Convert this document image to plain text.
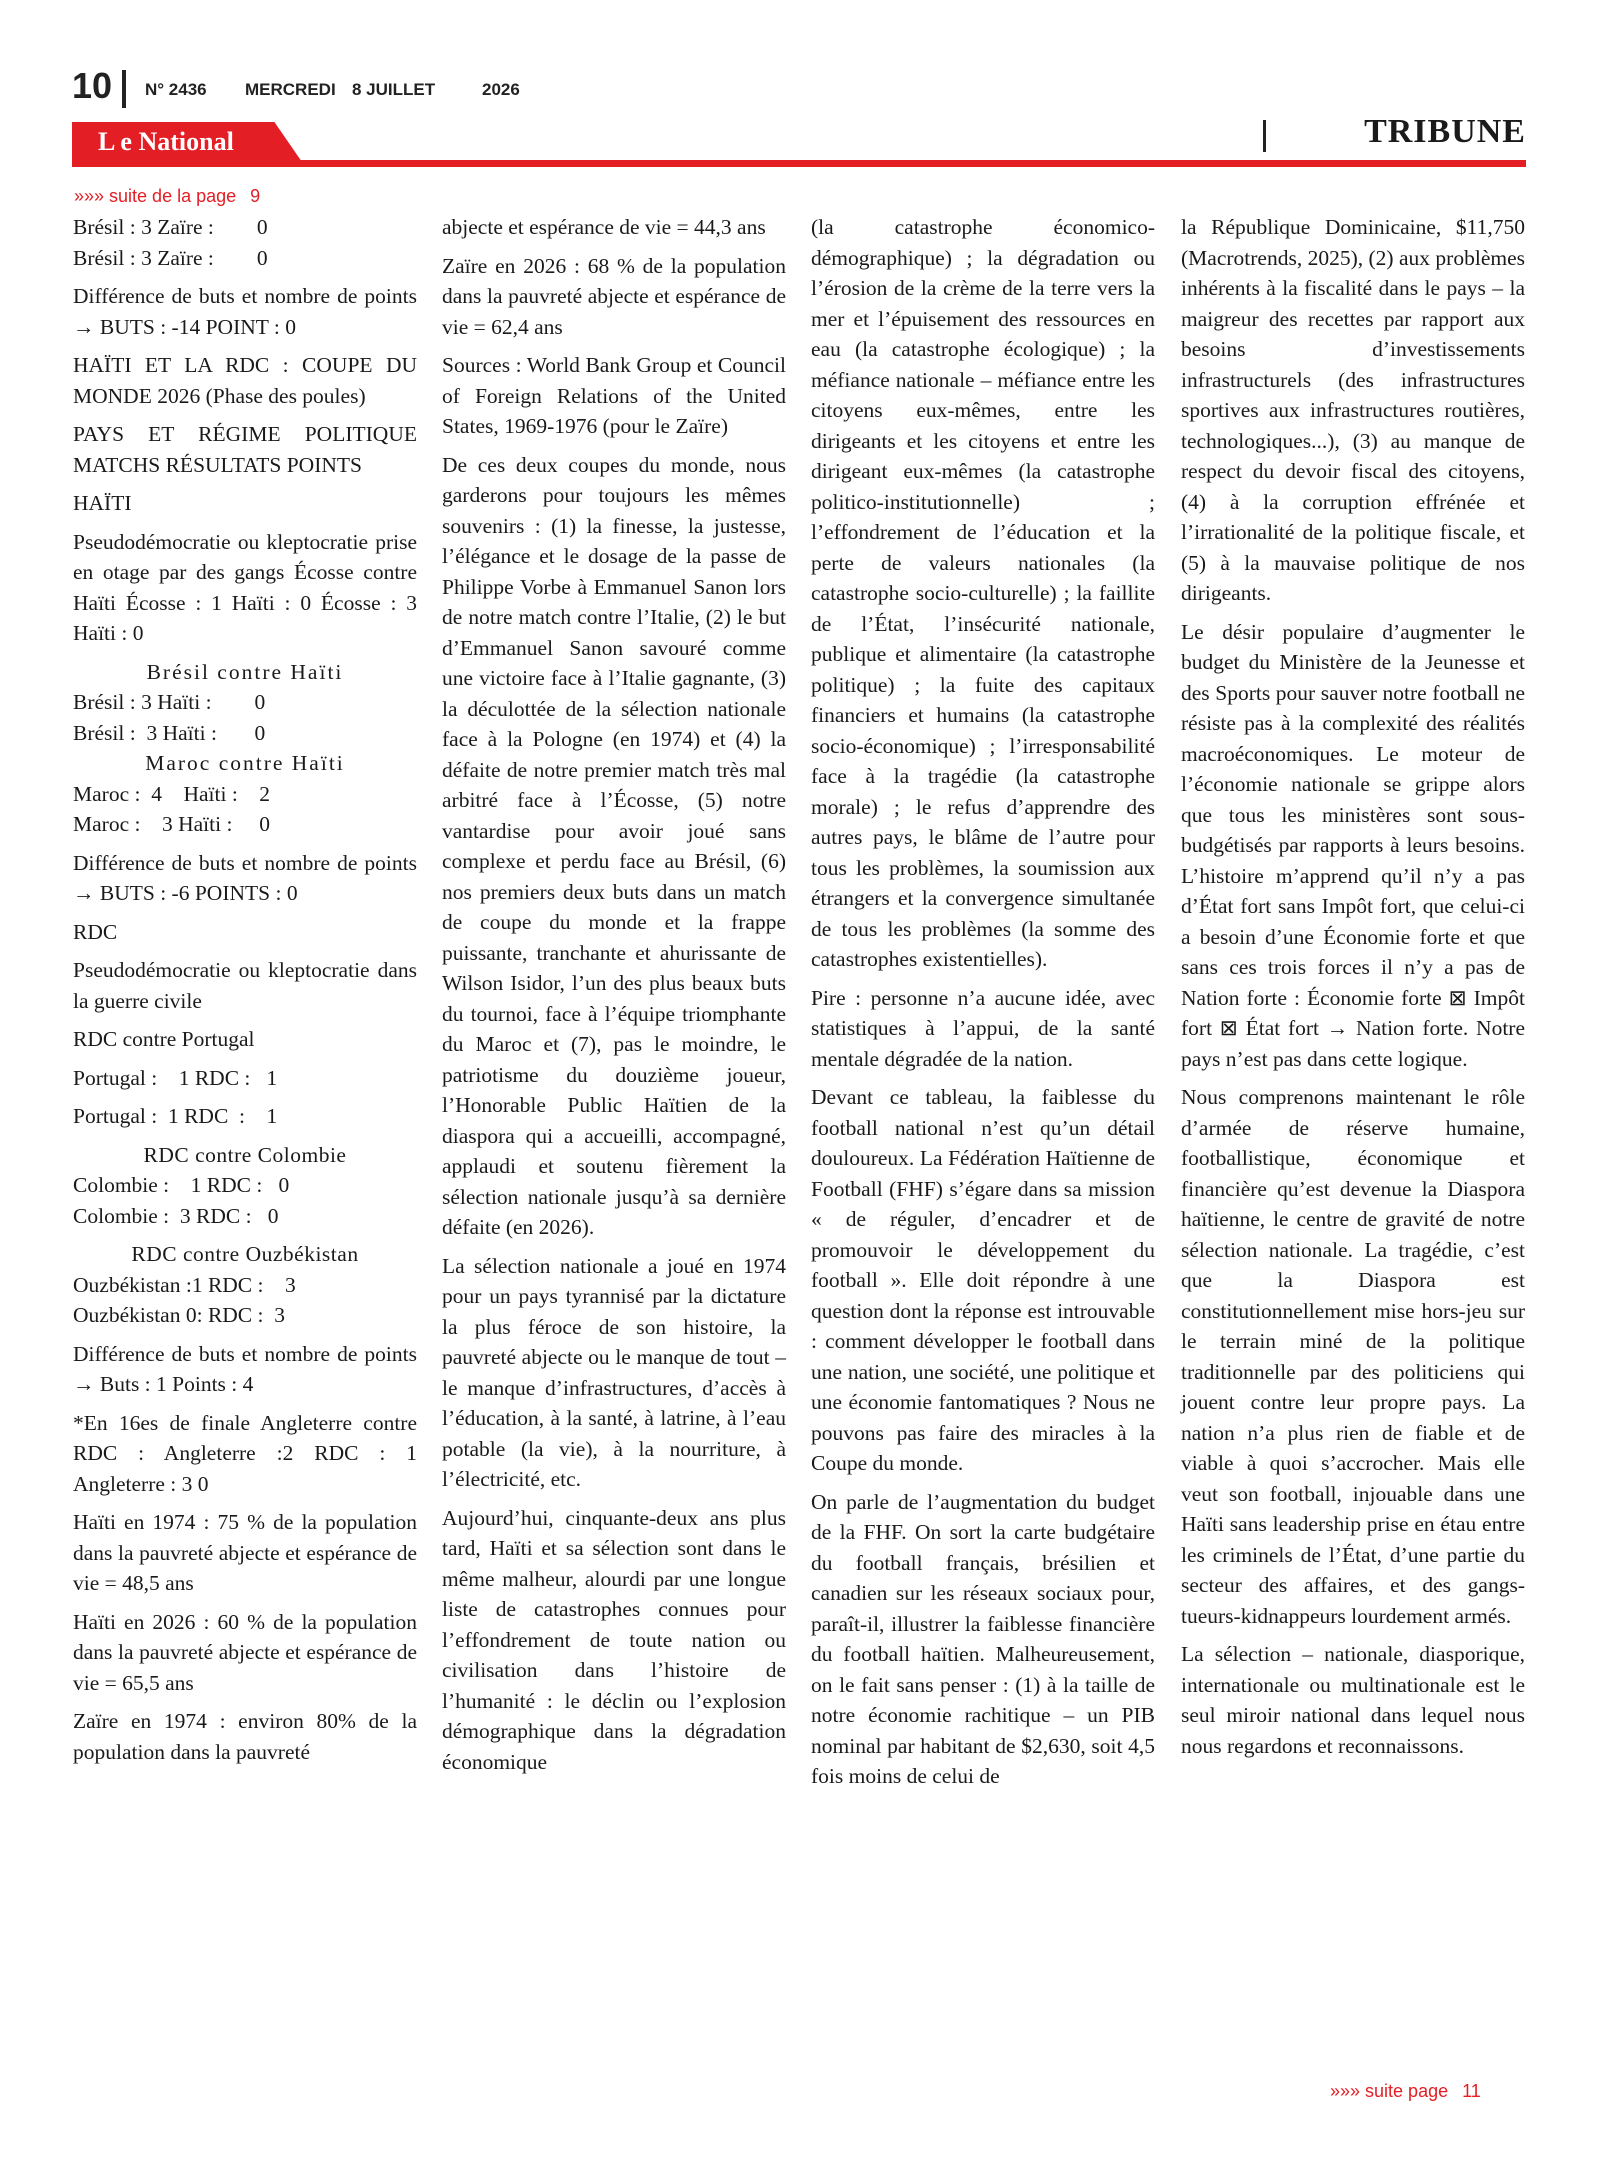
10 N° 2436 MERCREDI 8 JUILLET	2026
L e National	TRIBUNE
»»» suite de la page 9

Brésil : 3 Zaïre :        0

Brésil : 3 Zaïre :        0

Différence de buts et nombre de points → BUTS : -14 POINT : 0

HAÏTI ET LA RDC : COUPE DU MONDE 2026 (Phase des poules)

PAYS ET RÉGIME POLITIQUE MATCHS RÉSULTATS POINTS

HAÏTI

Pseudodémocratie ou kleptocratie prise en otage par des gangs Écosse contre Haïti Écosse : 1 Haïti : 0 Écosse : 3 Haïti : 0

Brésil contre Haïti

Brésil : 3 Haïti :        0

Brésil :  3 Haïti :       0

Maroc contre Haïti

Maroc :  4    Haïti :    2

Maroc :    3 Haïti :     0

Différence de buts et nombre de points → BUTS : -6 POINTS : 0

RDC

Pseudodémocratie ou kleptocratie dans la guerre civile

RDC contre Portugal

Portugal :    1 RDC :   1

Portugal :  1 RDC  :    1

RDC contre Colombie

Colombie :    1 RDC :   0

Colombie :  3 RDC :   0

RDC contre Ouzbékistan

Ouzbékistan :1 RDC :    3

Ouzbékistan 0: RDC :  3

Différence de buts et nombre de points → Buts : 1 Points : 4

*En 16es de finale Angleterre contre RDC : Angleterre :2 RDC : 1 Angleterre : 3 0

Haïti en 1974 : 75 % de la population dans la pauvreté abjecte et espérance de vie = 48,5 ans

Haïti en 2026 : 60 % de la population dans la pauvreté abjecte et espérance de vie = 65,5 ans

Zaïre en 1974 : environ 80% de la population dans la pauvreté

abjecte et espérance de vie = 44,3 ans

Zaïre en 2026 : 68 % de la population dans la pauvreté abjecte et espérance de vie = 62,4 ans

Sources : World Bank Group et Council of Foreign Relations of the United States, 1969-1976 (pour le Zaïre)

De ces deux coupes du monde, nous garderons pour toujours les mêmes souvenirs : (1) la finesse, la justesse, l’élégance et le dosage de la passe de Philippe Vorbe à Emmanuel Sanon lors de notre match contre l’Italie, (2) le but d’Emmanuel Sanon savouré comme une victoire face à l’Italie gagnante, (3) la déculottée de la sélection nationale face à la Pologne (en 1974) et (4) la défaite de notre premier match très mal arbitré face à l’Écosse, (5) notre vantardise pour avoir joué sans complexe et perdu face au Brésil, (6) nos premiers deux buts dans un match de coupe du monde et la frappe puissante, tranchante et ahurissante de Wilson Isidor, l’un des plus beaux buts du tournoi, face à l’équipe triomphante du Maroc et (7), pas le moindre, le patriotisme du douzième joueur, l’Honorable Public Haïtien de la diaspora qui a accueilli, accompagné, applaudi et soutenu fièrement la sélection nationale jusqu’à sa dernière défaite (en 2026).

La sélection nationale a joué en 1974 pour un pays tyrannisé par la dictature la plus féroce de son histoire, la pauvreté abjecte ou le manque de tout – le manque d’infrastructures, d’accès à l’éducation, à la santé, à latrine, à l’eau potable (la vie), à la nourriture, à l’électricité, etc.

Aujourd’hui, cinquante-deux ans plus tard, Haïti et sa sélection sont dans le même malheur, alourdi par une longue liste de catastrophes connues pour l’effondrement de toute nation ou civilisation dans l’histoire de l’humanité : le déclin ou l’explosion démographique dans la dégradation économique

(la catastrophe économico-démographique) ; la dégradation ou l’érosion de la crème de la terre vers la mer et l’épuisement des ressources en eau (la catastrophe écologique) ; la méfiance nationale – méfiance entre les citoyens eux-mêmes, entre les dirigeants et les citoyens et entre les dirigeant eux-mêmes (la catastrophe politico-institutionnelle) ; l’effondrement de l’éducation et la perte de valeurs nationales (la catastrophe socio-culturelle) ; la faillite de l’État, l’insécurité nationale, publique et alimentaire (la catastrophe politique) ; la fuite des capitaux financiers et humains (la catastrophe socio-économique) ; l’irresponsabilité face à la tragédie (la catastrophe morale) ; le refus d’apprendre des autres pays, le blâme de l’autre pour tous les problèmes, la soumission aux étrangers et la convergence simultanée de tous les problèmes (la somme des catastrophes existentielles).

Pire : personne n’a aucune idée, avec statistiques à l’appui, de la santé mentale dégradée de la nation.

Devant ce tableau, la faiblesse du football national n’est qu’un détail douloureux. La Fédération Haïtienne de Football (FHF) s’égare dans sa mission « de réguler, d’encadrer et de promouvoir le développement du football ». Elle doit répondre à une question dont la réponse est introuvable : comment développer le football dans une nation, une société, une politique et une économie fantomatiques ? Nous ne pouvons pas faire des miracles à la Coupe du monde.

On parle de l’augmentation du budget de la FHF. On sort la carte budgétaire du football français, brésilien et canadien sur les réseaux sociaux pour, paraît-il, illustrer la faiblesse financière du football haïtien. Malheureusement, on le fait sans penser : (1) à la taille de notre économie rachitique – un PIB nominal par habitant de $2,630, soit 4,5 fois moins de celui de

la République Dominicaine, $11,750 (Macrotrends, 2025), (2) aux problèmes inhérents à la fiscalité dans le pays – la maigreur des recettes par rapport aux besoins d’investissements infrastructurels (des infrastructures sportives aux infrastructures routières, technologiques...), (3) au manque de respect du devoir fiscal des citoyens, (4) à la corruption effrénée et l’irrationalité de la politique fiscale, et (5) à la mauvaise politique de nos dirigeants.

Le désir populaire d’augmenter le budget du Ministère de la Jeunesse et des Sports pour sauver notre football ne résiste pas à la complexité des réalités macroéconomiques. Le moteur de l’économie nationale se grippe alors que tous les ministères sont sous-budgétisés par rapports à leurs besoins. L’histoire m’apprend qu’il n’y a pas d’État fort sans Impôt fort, que celui-ci a besoin d’une Économie forte et que sans ces trois forces il n’y a pas de Nation forte : Économie forte ⊠ Impôt fort ⊠ État fort → Nation forte. Notre pays n’est pas dans cette logique.

Nous comprenons maintenant le rôle d’armée de réserve humaine, footballistique, économique et financière qu’est devenue la Diaspora haïtienne, le centre de gravité de notre sélection nationale. La tragédie, c’est que la Diaspora est constitutionnellement mise hors-jeu sur le terrain miné de la politique traditionnelle par des politiciens qui jouent contre leur propre pays. La nation n’a plus rien de fiable et de viable à quoi s’accrocher. Mais elle veut son football, injouable dans une Haïti sans leadership prise en étau entre les criminels de l’État, d’une partie du secteur des affaires, et des gangs-tueurs-kidnappeurs lourdement armés.

La sélection – nationale, diasporique, internationale ou multinationale est le seul miroir national dans lequel nous nous regardons et reconnaissons.

»»» suite page 11
